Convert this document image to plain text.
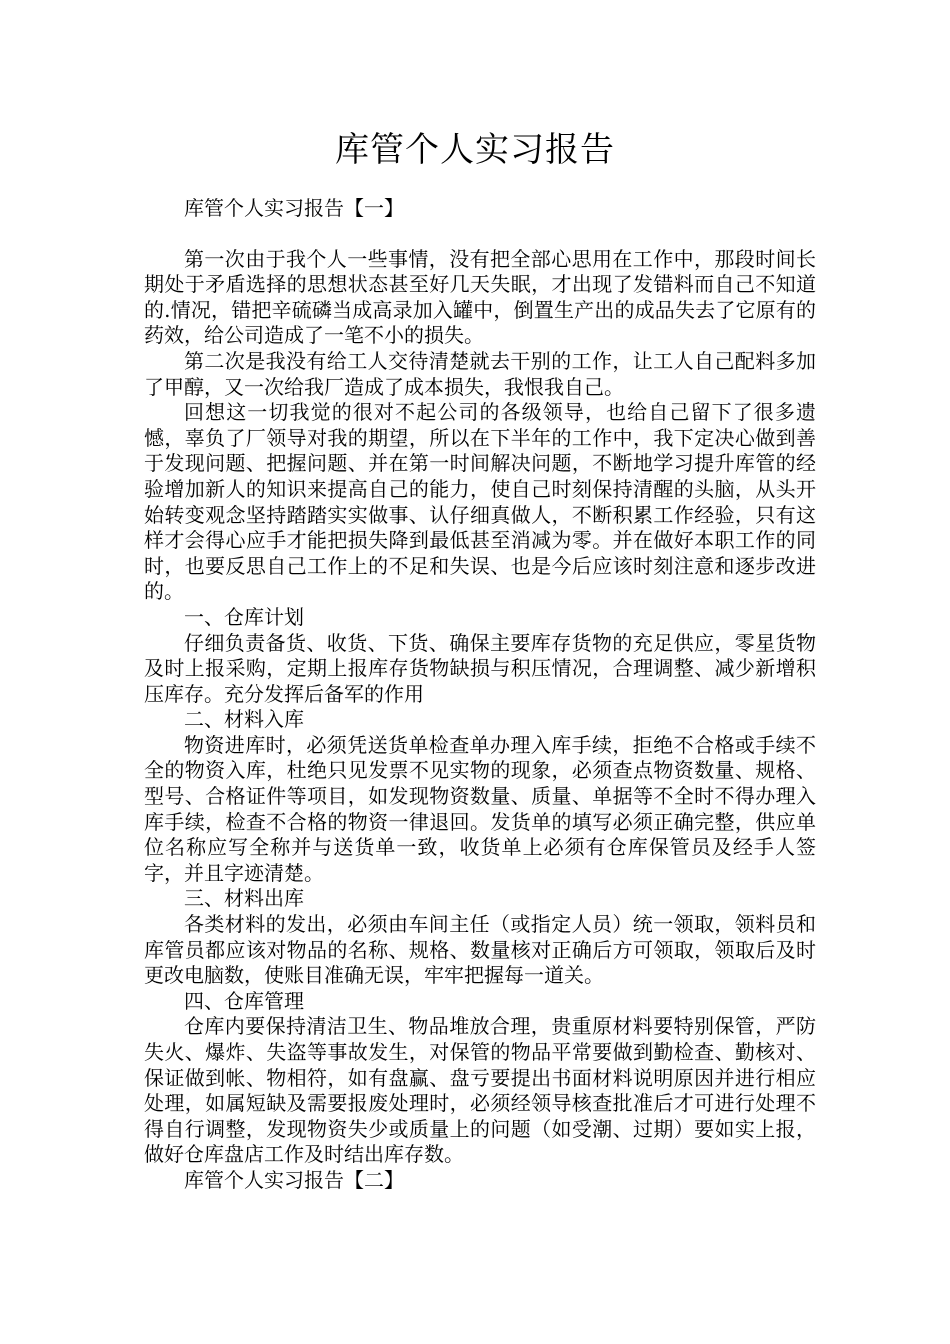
库管个人实习报告

库管个人实习报告【一】

第一次由于我个人一些事情，没有把全部心思用在工作中，那段时间长期处于矛盾选择的思想状态甚至好几天失眠，才出现了发错料而自己不知道的.情况，错把辛硫磷当成高录加入罐中，倒置生产出的成品失去了它原有的药效，给公司造成了一笔不小的损失。

第二次是我没有给工人交待清楚就去干别的工作，让工人自己配料多加了甲醇，又一次给我厂造成了成本损失，我恨我自己。

回想这一切我觉的很对不起公司的各级领导，也给自己留下了很多遗憾，辜负了厂领导对我的期望，所以在下半年的工作中，我下定决心做到善于发现问题、把握问题、并在第一时间解决问题，不断地学习提升库管的经验增加新人的知识来提高自己的能力，使自己时刻保持清醒的头脑，从头开始转变观念坚持踏踏实实做事、认仔细真做人，不断积累工作经验，只有这样才会得心应手才能把损失降到最低甚至消减为零。并在做好本职工作的同时，也要反思自己工作上的不足和失误、也是今后应该时刻注意和逐步改进的。

一、仓库计划

仔细负责备货、收货、下货、确保主要库存货物的充足供应，零星货物及时上报采购，定期上报库存货物缺损与积压情况，合理调整、减少新增积压库存。充分发挥后备军的作用

二、材料入库

物资进库时，必须凭送货单检查单办理入库手续，拒绝不合格或手续不全的物资入库，杜绝只见发票不见实物的现象，必须查点物资数量、规格、型号、合格证件等项目，如发现物资数量、质量、单据等不全时不得办理入库手续，检查不合格的物资一律退回。发货单的填写必须正确完整，供应单位名称应写全称并与送货单一致，收货单上必须有仓库保管员及经手人签字，并且字迹清楚。

三、材料出库

各类材料的发出，必须由车间主任（或指定人员）统一领取，领料员和库管员都应该对物品的名称、规格、数量核对正确后方可领取，领取后及时更改电脑数，使账目准确无误，牢牢把握每一道关。

四、仓库管理

仓库内要保持清洁卫生、物品堆放合理，贵重原材料要特别保管，严防失火、爆炸、失盗等事故发生，对保管的物品平常要做到勤检查、勤核对、保证做到帐、物相符，如有盘赢、盘亏要提出书面材料说明原因并进行相应处理，如属短缺及需要报废处理时，必须经领导核查批准后才可进行处理不得自行调整，发现物资失少或质量上的问题（如受潮、过期）要如实上报，做好仓库盘店工作及时结出库存数。

库管个人实习报告【二】
